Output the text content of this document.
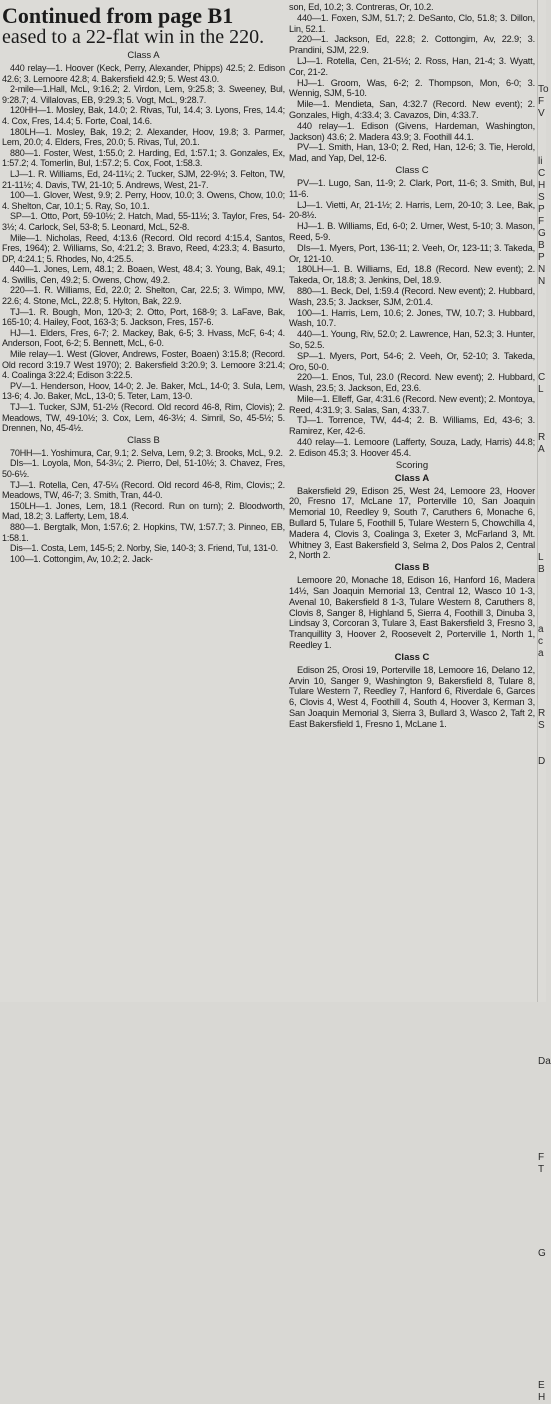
Continued from page B1

eased to a 22-flat win in the 220.

Class A

440 relay—1. Hoover (Keck, Perry, Alexander, Phipps) 42.5; 2. Edison 42.6; 3. Lemoore 42.8; 4. Bakersfield 42.9; 5. West 43.0.

2-mile—1.Hall, McL, 9:16.2; 2. Virdon, Lem, 9:25.8; 3. Sweeney, Bul, 9:28.7; 4. Villalovas, EB, 9:29.3; 5. Vogt, McL, 9:28.7.

120HH—1. Mosley, Bak, 14.0; 2. Rivas, Tul, 14.4; 3. Lyons, Fres, 14.4; 4. Cox, Fres, 14.4; 5. Forte, Coal, 14.6.

180LH—1. Mosley, Bak, 19.2; 2. Alexander, Hoov, 19.8; 3. Parmer, Lem, 20.0; 4. Elders, Fres, 20.0; 5. Rivas, Tul, 20.1.

880—1. Foster, West, 1:55.0; 2. Harding, Ed, 1:57.1; 3. Gonzales, Ex, 1:57.2; 4. Tomerlin, Bul, 1:57.2; 5. Cox, Foot, 1:58.3.

LJ—1. R. Williams, Ed, 24-11¼; 2. Tucker, SJM, 22-9½; 3. Felton, TW, 21-11½; 4. Davis, TW, 21-10; 5. Andrews, West, 21-7.

100—1. Glover, West, 9.9; 2. Perry, Hoov, 10.0; 3. Owens, Chow, 10.0; 4. Shelton, Car, 10.1; 5. Ray, So, 10.1.

SP—1. Otto, Port, 59-10½; 2. Hatch, Mad, 55-11½; 3. Taylor, Fres, 54-3½; 4. Carlock, Sel, 53-8; 5. Leonard, McL, 52-8.

Mile—1. Nicholas, Reed, 4:13.6 (Record. Old record 4:15.4, Santos, Fres, 1964); 2. Williams, So, 4:21.2; 3. Bravo, Reed, 4:23.3; 4. Basurto, DP, 4:24.1; 5. Rhodes, No, 4:25.5.

440—1. Jones, Lem, 48.1; 2. Boaen, West, 48.4; 3. Young, Bak, 49.1; 4. Swillis, Cen, 49.2; 5. Owens, Chow, 49.2.

220—1. R. Williams, Ed, 22.0; 2. Shelton, Car, 22.5; 3. Wimpo, MW, 22.6; 4. Stone, McL, 22.8; 5. Hylton, Bak, 22.9.

TJ—1. R. Bough, Mon, 120-3; 2. Otto, Port, 168-9; 3. LaFave, Bak, 165-10; 4. Hailey, Foot, 163-3; 5. Jackson, Fres, 157-6.

HJ—1. Elders, Fres, 6-7; 2. Mackey, Bak, 6-5; 3. Hvass, McF, 6-4; 4. Anderson, Foot, 6-2; 5. Bennett, McL, 6-0.

Mile relay—1. West (Glover, Andrews, Foster, Boaen) 3:15.8; (Record. Old record 3:19.7 West 1970); 2. Bakersfield 3:20.9; 3. Lemoore 3:21.4; 4. Coalinga 3:22.4; Edison 3:22.5.

PV—1. Henderson, Hoov, 14-0; 2. Je. Baker, McL, 14-0; 3. Sula, Lem, 13-6; 4. Jo. Baker, McL, 13-0; 5. Teter, Lam, 13-0.

TJ—1. Tucker, SJM, 51-2½ (Record. Old record 46-8, Rim, Clovis); 2. Meadows, TW, 49-10½; 3. Cox, Lem, 46-3½; 4. Simril, So, 45-5½; 5. Drennen, No, 45-4½.

Class B

70HH—1. Yoshimura, Car, 9.1; 2. Selva, Lem, 9.2; 3. Brooks, McL, 9.2.

DIs—1. Loyola, Mon, 54-3¼; 2. Pierro, Del, 51-10½; 3. Chavez, Fres, 50-6½.

TJ—1. Rotella, Cen, 47-5¼ (Record. Old record 46-8, Rim, Clovis;; 2. Meadows, TW, 46-7; 3. Smith, Tran, 44-0.

150LH—1. Jones, Lem, 18.1 (Record. Run on turn); 2. Bloodworth, Mad, 18.2; 3. Lafferty, Lem, 18.4.

880—1. Bergtalk, Mon, 1:57.6; 2. Hopkins, TW, 1:57.7; 3. Pinneo, EB, 1:58.1.

Dis—1. Costa, Lem, 145-5; 2. Norby, Sie, 140-3; 3. Friend, Tul, 131-0.

100—1. Cottongim, Av, 10.2; 2. Jack-

son, Ed, 10.2; 3. Contreras, Or, 10.2.

440—1. Foxen, SJM, 51.7; 2. DeSanto, Clo, 51.8; 3. Dillon, Lin, 52.1.

220—1. Jackson, Ed, 22.8; 2. Cottongim, Av, 22.9; 3. Prandini, SJM, 22.9.

LJ—1. Rotella, Cen, 21-5½; 2. Ross, Han, 21-4; 3. Wyatt, Cor, 21-2.

HJ—1. Groom, Was, 6-2; 2. Thompson, Mon, 6-0; 3. Wennig, SJM, 5-10.

Mile—1. Mendieta, San, 4:32.7 (Record. New event); 2. Gonzales, High, 4:33.4; 3. Cavazos, Din, 4:33.7.

440 relay—1. Edison (Givens, Hardeman, Washington, Jackson) 43.6; 2. Madera 43.9; 3. Foothill 44.1.

PV—1. Smith, Han, 13-0; 2. Red, Han, 12-6; 3. Tie, Herold, Mad, and Yap, Del, 12-6.

Class C

PV—1. Lugo, San, 11-9; 2. Clark, Port, 11-6; 3. Smith, Bul, 11-6.

LJ—1. Vietti, Ar, 21-1½; 2. Harris, Lem, 20-10; 3. Lee, Bak, 20-8½.

HJ—1. B. Williams, Ed, 6-0; 2. Urner, West, 5-10; 3. Mason, Reed, 5-9.

DIs—1. Myers, Port, 136-11; 2. Veeh, Or, 123-11; 3. Takeda, Or, 121-10.

180LH—1. B. Williams, Ed, 18.8 (Record. New event); 2. Takeda, Or, 18.8; 3. Jenkins, Del, 18.9.

880—1. Beck, Del, 1:59.4 (Record. New event); 2. Hubbard, Wash, 23.5; 3. Jackser, SJM, 2:01.4.

100—1. Harris, Lem, 10.6; 2. Jones, TW, 10.7; 3. Hubbard, Wash, 10.7.

440—1. Young, Riv, 52.0; 2. Lawrence, Han, 52.3; 3. Hunter, So, 52.5.

SP—1. Myers, Port, 54-6; 2. Veeh, Or, 52-10; 3. Takeda, Oro, 50-0.

220—1. Enos, Tul, 23.0 (Record. New event); 2. Hubbard, Wash, 23.5; 3. Jackson, Ed, 23.6.

Mile—1. Elleff, Gar, 4:31.6 (Record. New event); 2. Montoya, Reed, 4:31.9; 3. Salas, San, 4:33.7.

TJ—1. Torrence, TW, 44-4; 2. B. Williams, Ed, 43-6; 3. Ramirez, Ker, 42-6.

440 relay—1. Lemoore (Lafferty, Souza, Lady, Harris) 44.8; 2. Edison 45.3; 3. Hoover 45.4.

Scoring
Class A

Bakersfield 29, Edison 25, West 24, Lemoore 23, Hoover 20, Fresno 17, McLane 17, Porterville 10, San Joaquin Memorial 10, Reedley 9, South 7, Caruthers 6, Monache 6, Bullard 5, Tulare 5, Foothill 5, Tulare Western 5, Chowchilla 4, Madera 4, Clovis 3, Coalinga 3, Exeter 3, McFarland 3, Mt. Whitney 3, East Bakersfield 3, Selma 2, Dos Palos 2, Central 2, North 2.

Class B

Lemoore 20, Monache 18, Edison 16, Hanford 16, Madera 14½, San Joaquin Memorial 13, Central 12, Wasco 10 1-3, Avenal 10, Bakersfield 8 1-3, Tulare Western 8, Caruthers 8, Clovis 8, Sanger 8, Highland 5, Sierra 4, Foothill 3, Dinuba 3, Lindsay 3, Corcoran 3, Tulare 3, East Bakersfield 3, Fresno 3, Tranquillity 3, Hoover 2, Roosevelt 2, Porterville 1, North 1, Reedley 1.

Class C

Edison 25, Orosi 19, Porterville 18, Lemoore 16, Delano 12, Arvin 10, Sanger 9, Washington 9, Bakersfield 8, Tulare 8, Tulare Western 7, Reedley 7, Hanford 6, Riverdale 6, Garces 6, Clovis 4, West 4, Foothill 4, South 4, Hoover 3, Kerman 3, San Joaquin Memorial 3, Sierra 3, Bullard 3, Wasco 2, Taft 2, East Bakersfield 1, Fresno 1, McLane 1.

To
F
V

li
C
H
S
P
F
G
B
P
N
N

C
L

R
A

L
B

a
c
a

R
S

D

Da

F
T

G

E
H
